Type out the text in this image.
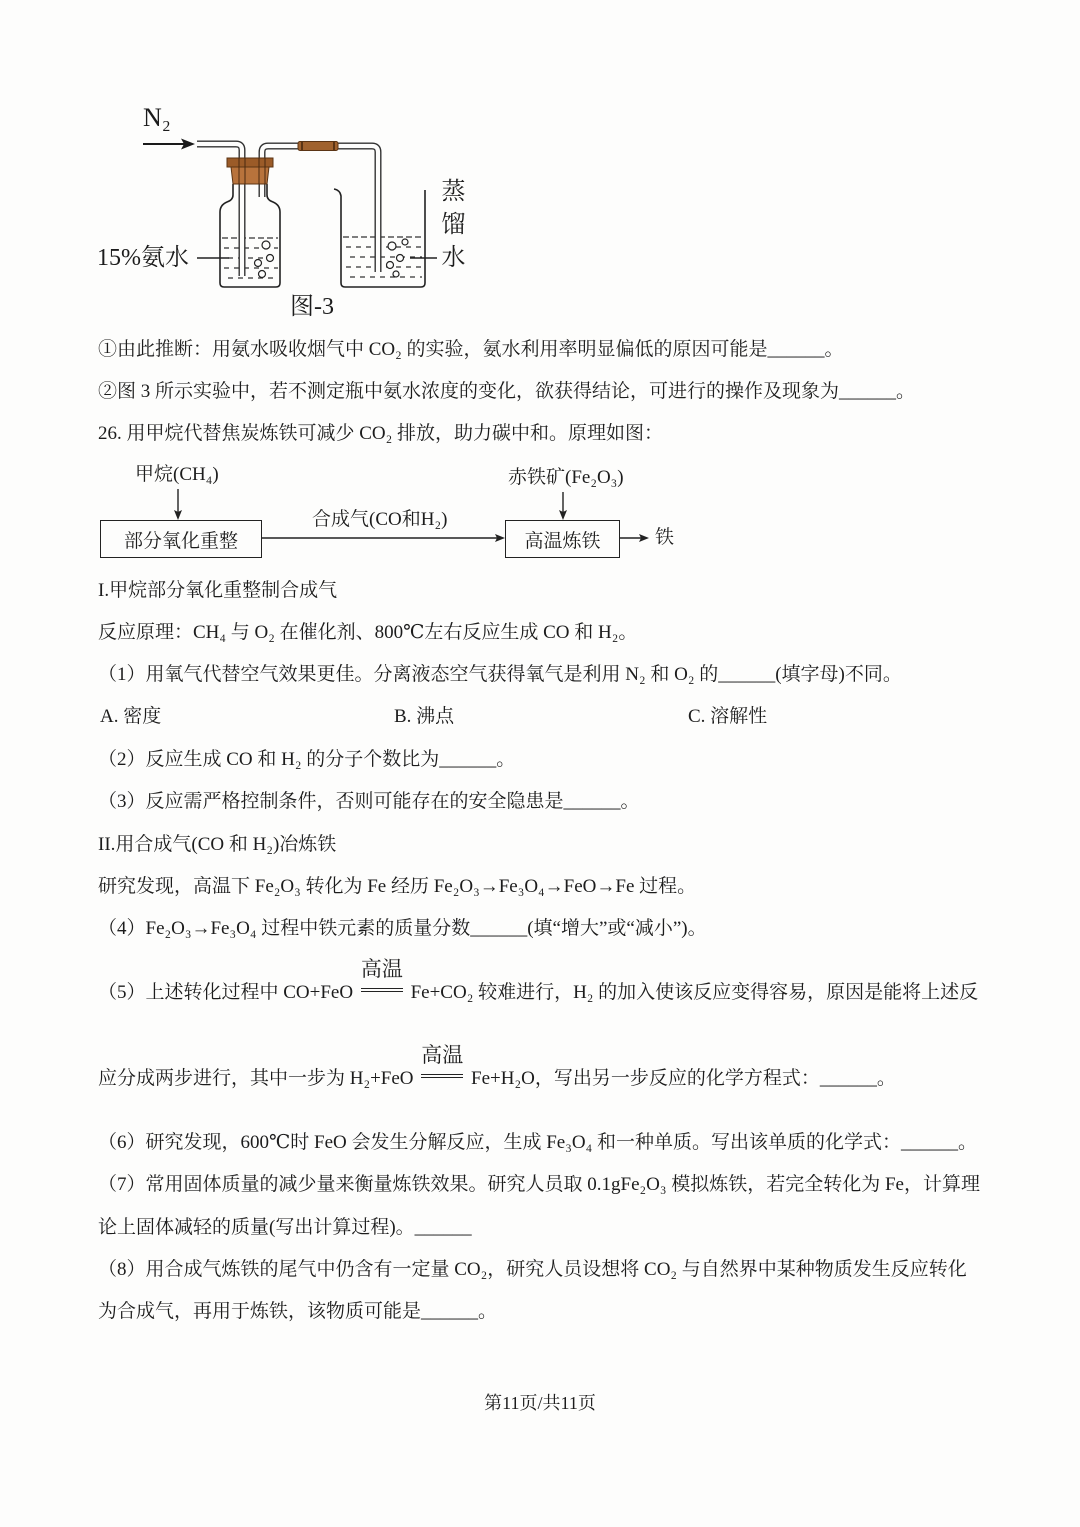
N₂
15%氨水	蒸馏水
图-3
①由此推断：用氨水吸收烟气中 CO₂ 的实验，氨水利用率明显偏低的原因可能是______。
②图 3 所示实验中，若不测定瓶中氨水浓度的变化，欲获得结论，可进行的操作及现象为______。
26. 用甲烷代替焦炭炼铁可减少 CO₂ 排放，助力碳中和。原理如图：
甲烷(CH₄)	赤铁矿(Fe₂O₃)
合成气(CO和H₂)
部分氧化重整	高温炼铁	铁
I.甲烷部分氧化重整制合成气
反应原理：CH₄ 与 O₂ 在催化剂、800℃左右反应生成 CO 和 H₂。
（1）用氧气代替空气效果更佳。分离液态空气获得氧气是利用 N₂ 和 O₂ 的______(填字母)不同。
A. 密度	B. 沸点	C. 溶解性
（2）反应生成 CO 和 H₂ 的分子个数比为______。
（3）反应需严格控制条件，否则可能存在的安全隐患是______。
II.用合成气(CO 和 H₂)冶炼铁
研究发现，高温下 Fe₂O₃ 转化为 Fe 经历 Fe₂O₃→Fe₃O₄→FeO→Fe 过程。
（4）Fe₂O₃→Fe₃O₄ 过程中铁元素的质量分数______(填“增大”或“减小”)。
（5）上述转化过程中 CO+FeO
高温
Fe+CO₂ 较难进行，H₂ 的加入使该反应变得容易，原因是能将上述反
应分成两步进行，其中一步为 H₂+FeO
高温
Fe+H₂O，写出另一步反应的化学方程式：______。
（6）研究发现，600℃时 FeO 会发生分解反应，生成 Fe₃O₄ 和一种单质。写出该单质的化学式：______。
（7）常用固体质量的减少量来衡量炼铁效果。研究人员取 0.1gFe₂O₃ 模拟炼铁，若完全转化为 Fe，计算理
论上固体减轻的质量(写出计算过程)。______
（8）用合成气炼铁的尾气中仍含有一定量 CO₂，研究人员设想将 CO₂ 与自然界中某种物质发生反应转化
为合成气，再用于炼铁，该物质可能是______。
第11页/共11页
